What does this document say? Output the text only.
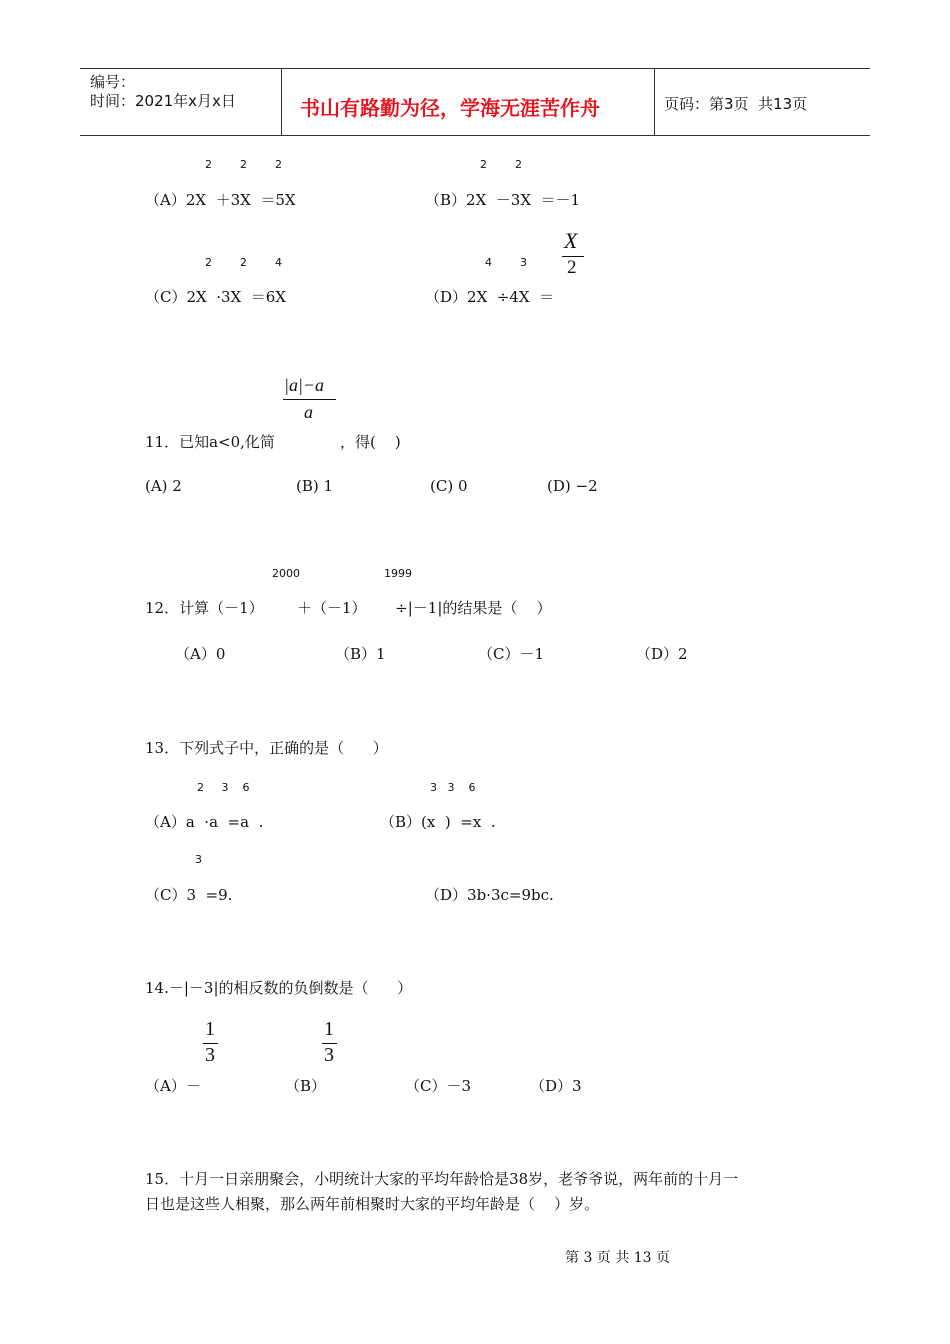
编号：
时间：2021年x月x日	书山有路勤为径，学海无涯苦作舟	页码：第3页  共13页
2        2        2
（A）2X  ＋3X  ＝5X
2        2
（B）2X  －3X  ＝－1
2        2        4
（C）2X  ·3X  ＝6X
4        3
（D）2X  ÷4X  ＝
X
2
|a|−a
a
11．已知a<0,化简	，得(    )
(A) 2	(B) 1	(C) 0	(D) −2
2000	1999
12．计算（－1）       ＋（－1）      ÷|－1|的结果是（    ）
（A）0	（B）1	（C）－1	（D）2
13．下列式子中，正确的是（      ）
2     3    6
（A）a  ·a  =a  .
3   3    6
（B）(x  )  =x  .
3
（C）3  =9.	（D）3b·3c=9bc.
14.－|－3|的相反数的负倒数是（      ）
1
3
1
3
（A）－	（B）	（C）－3	（D）3
15．十月一日亲朋聚会，小明统计大家的平均年龄恰是38岁，老爷爷说，两年前的十月一
日也是这些人相聚，那么两年前相聚时大家的平均年龄是（    ）岁。
第 3 页 共 13 页
